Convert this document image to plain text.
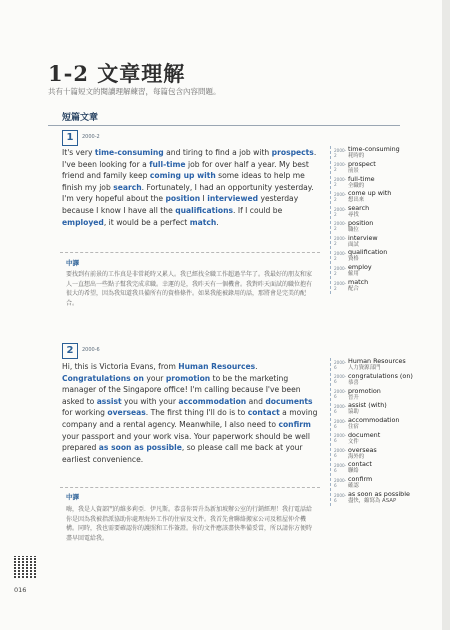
1-2 文章理解
共有十篇短文的閱讀理解練習，每篇包含內容問題。
短篇文章
1	2000-2
It's very time-consuming and tiring to find a job with prospects. I've been looking for a full-time job for over half a year. My best friend and family keep coming up with some ideas to help me finish my job search. Fortunately, I had an opportunity yesterday. I'm very hopeful about the position I interviewed yesterday because I know I have all the qualifications. If I could be employed, it would be a perfect match.
中譯
要找到有前景的工作真是非常耗時又累人。我已經找全職工作超過半年了。我最好的朋友和家人一直想出一些點子幫我完成求職。幸運的是，我昨天有一個機會。我對昨天面試的職位抱有很大的希望，因為我知道我具備所有的資格條件。如果我能被錄用的話，那將會是完美的配合。
2000-2
time-consuming
耗時的
2000-2
prospect
前景
2000-2
full-time
全職的
2000-2
come up with
想出來
2000-2
search
尋找
2000-2
position
職位
2000-2
interview
面試
2000-2
qualification
資格
2000-2
employ
僱用
2000-2
match
配合
2	2000-6
Hi, this is Victoria Evans, from Human Resources. Congratulations on your promotion to be the marketing manager of the Singapore office! I'm calling because I've been asked to assist you with your accommodation and documents for working overseas. The first thing I'll do is to contact a moving company and a rental agency. Meanwhile, I also need to confirm your passport and your work visa. Your paperwork should be well prepared as soon as possible, so please call me back at your earliest convenience.
中譯
嗨，我是人資部門的維多莉亞．伊凡斯。恭喜你晉升為新加坡辦公室的行銷經理！我打電話給你是因為我被指派協助你處理海外工作的住宿及文件。我首先會聯絡搬家公司及租屋仲介機構。同時，我也需要確認你的護照和工作簽證。你的文件應該盡快準備妥當，所以請你方便時盡早回電給我。
2000-6
Human Resources
人力資源部門
2000-6
congratulations (on)
恭喜
2000-6
promotion
晉升
2000-6
assist (with)
協助
2000-6
accommodation
住宿
2000-6
document
文件
2000-6
overseas
海外的
2000-6
contact
聯絡
2000-6
confirm
確認
2000-6
as soon as possible
盡快，縮寫為 ASAP
016
